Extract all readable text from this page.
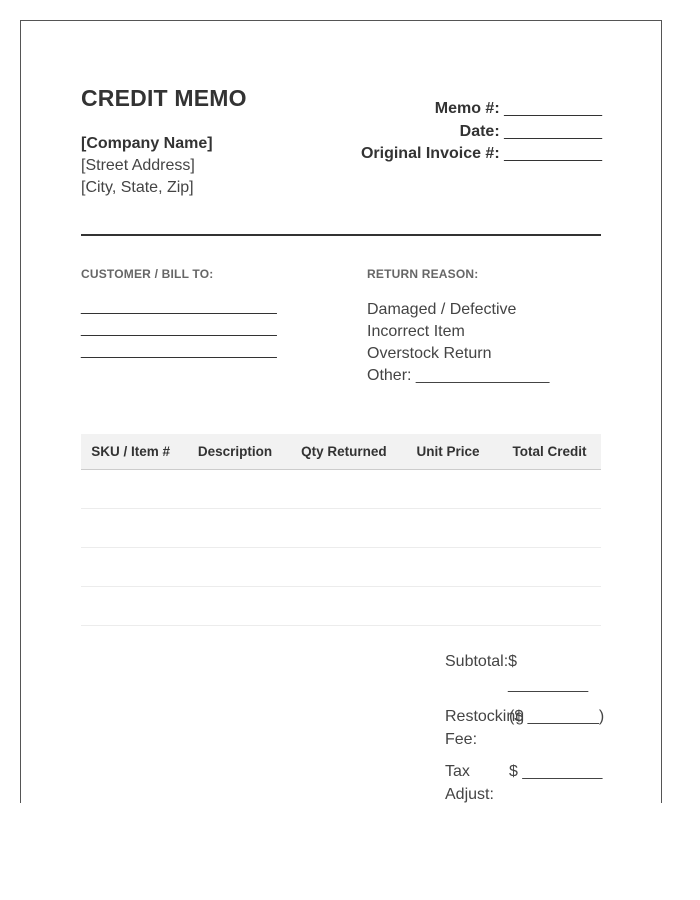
CREDIT MEMO
[Company Name]
[Street Address]
[City, State, Zip]
Memo #: ___________
Date: ___________
Original Invoice #: ___________
CUSTOMER / BILL TO:
______________________
______________________
______________________
RETURN REASON:
Damaged / Defective
Incorrect Item
Overstock Return
Other: _______________
SKU / Item #	Description	Qty Returned	Unit Price	Total Credit

Subtotal:$
_________
Restocking Fee:
($ ________)
Tax Adjust:
$ _________
